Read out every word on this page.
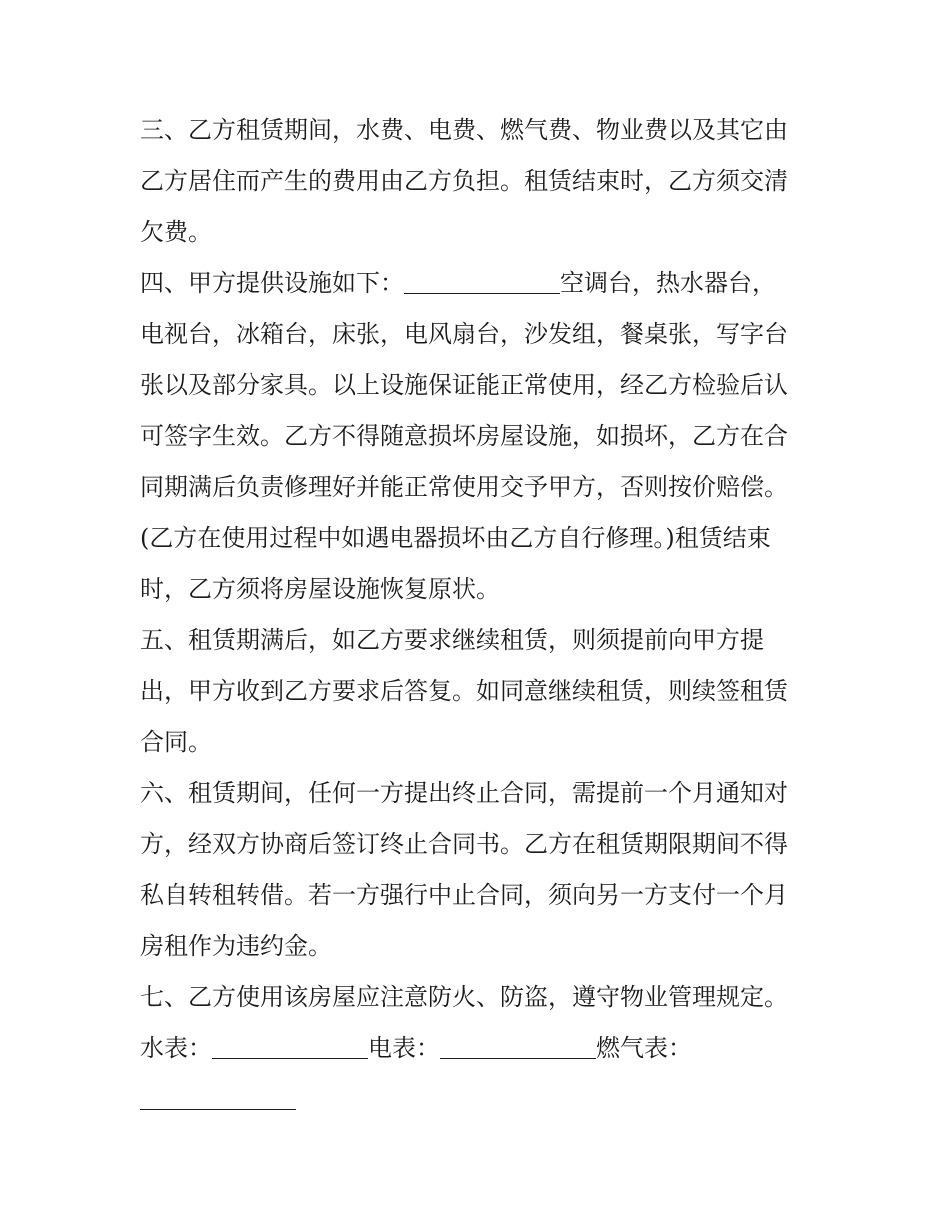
三、乙方租赁期间，水费、电费、燃气费、物业费以及其它由

乙方居住而产生的费用由乙方负担。租赁结束时，乙方须交清

欠费。

四、甲方提供设施如下：	空调台，热水器台，

电视台，冰箱台，床张，电风扇台，沙发组，餐桌张，写字台

张以及部分家具。以上设施保证能正常使用，经乙方检验后认

可签字生效。乙方不得随意损坏房屋设施，如损坏，乙方在合

同期满后负责修理好并能正常使用交予甲方，否则按价赔偿。

(乙方在使用过程中如遇电器损坏由乙方自行修理。)租赁结束

时，乙方须将房屋设施恢复原状。

五、租赁期满后，如乙方要求继续租赁，则须提前向甲方提

出，甲方收到乙方要求后答复。如同意继续租赁，则续签租赁

合同。

六、租赁期间，任何一方提出终止合同，需提前一个月通知对

方，经双方协商后签订终止合同书。乙方在租赁期限期间不得

私自转租转借。若一方强行中止合同，须向另一方支付一个月

房租作为违约金。

七、乙方使用该房屋应注意防火、防盗，遵守物业管理规定。

水表：	电表：	燃气表：
